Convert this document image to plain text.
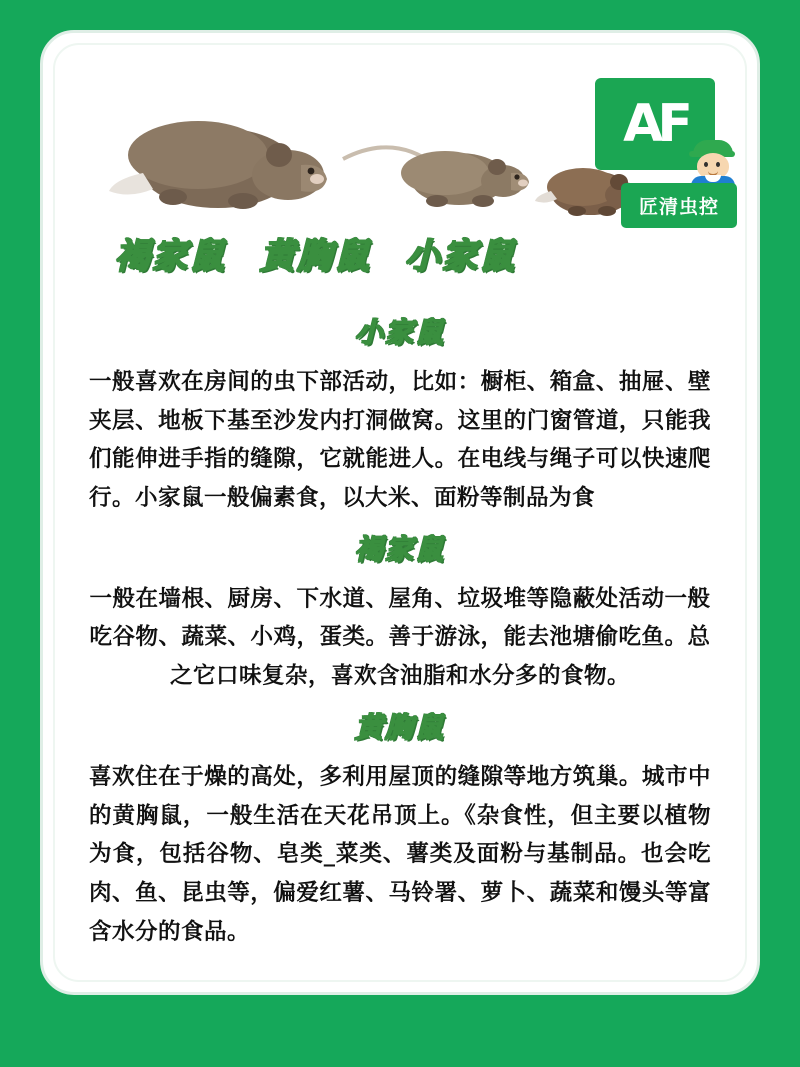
AF
匠清虫控
褐家鼠 黄胸鼠 小家鼠
小家鼠
一般喜欢在房间的虫下部活动，比如：橱柜、箱盒、抽屉、壁夹层、地板下基至沙发内打洞做窝。这里的门窗管道，只能我们能伸进手指的缝隙，它就能进人。在电线与绳子可以快速爬行。小家鼠一般偏素食，以大米、面粉等制品为食
褐家鼠
一般在墙根、厨房、下水道、屋角、垃圾堆等隐蔽处活动一般吃谷物、蔬菜、小鸡，蛋类。善于游泳，能去池塘偷吃鱼。总之它口味复杂，喜欢含油脂和水分多的食物。
黄胸鼠
喜欢住在于燥的高处，多利用屋顶的缝隙等地方筑巢。城市中的黄胸鼠，一般生活在天花吊顶上。《杂食性，但主要以植物为食，包括谷物、皂类_菜类、薯类及面粉与基制品。也会吃肉、鱼、昆虫等，偏爱红薯、马铃署、萝卜、蔬菜和馒头等富含水分的食品。
